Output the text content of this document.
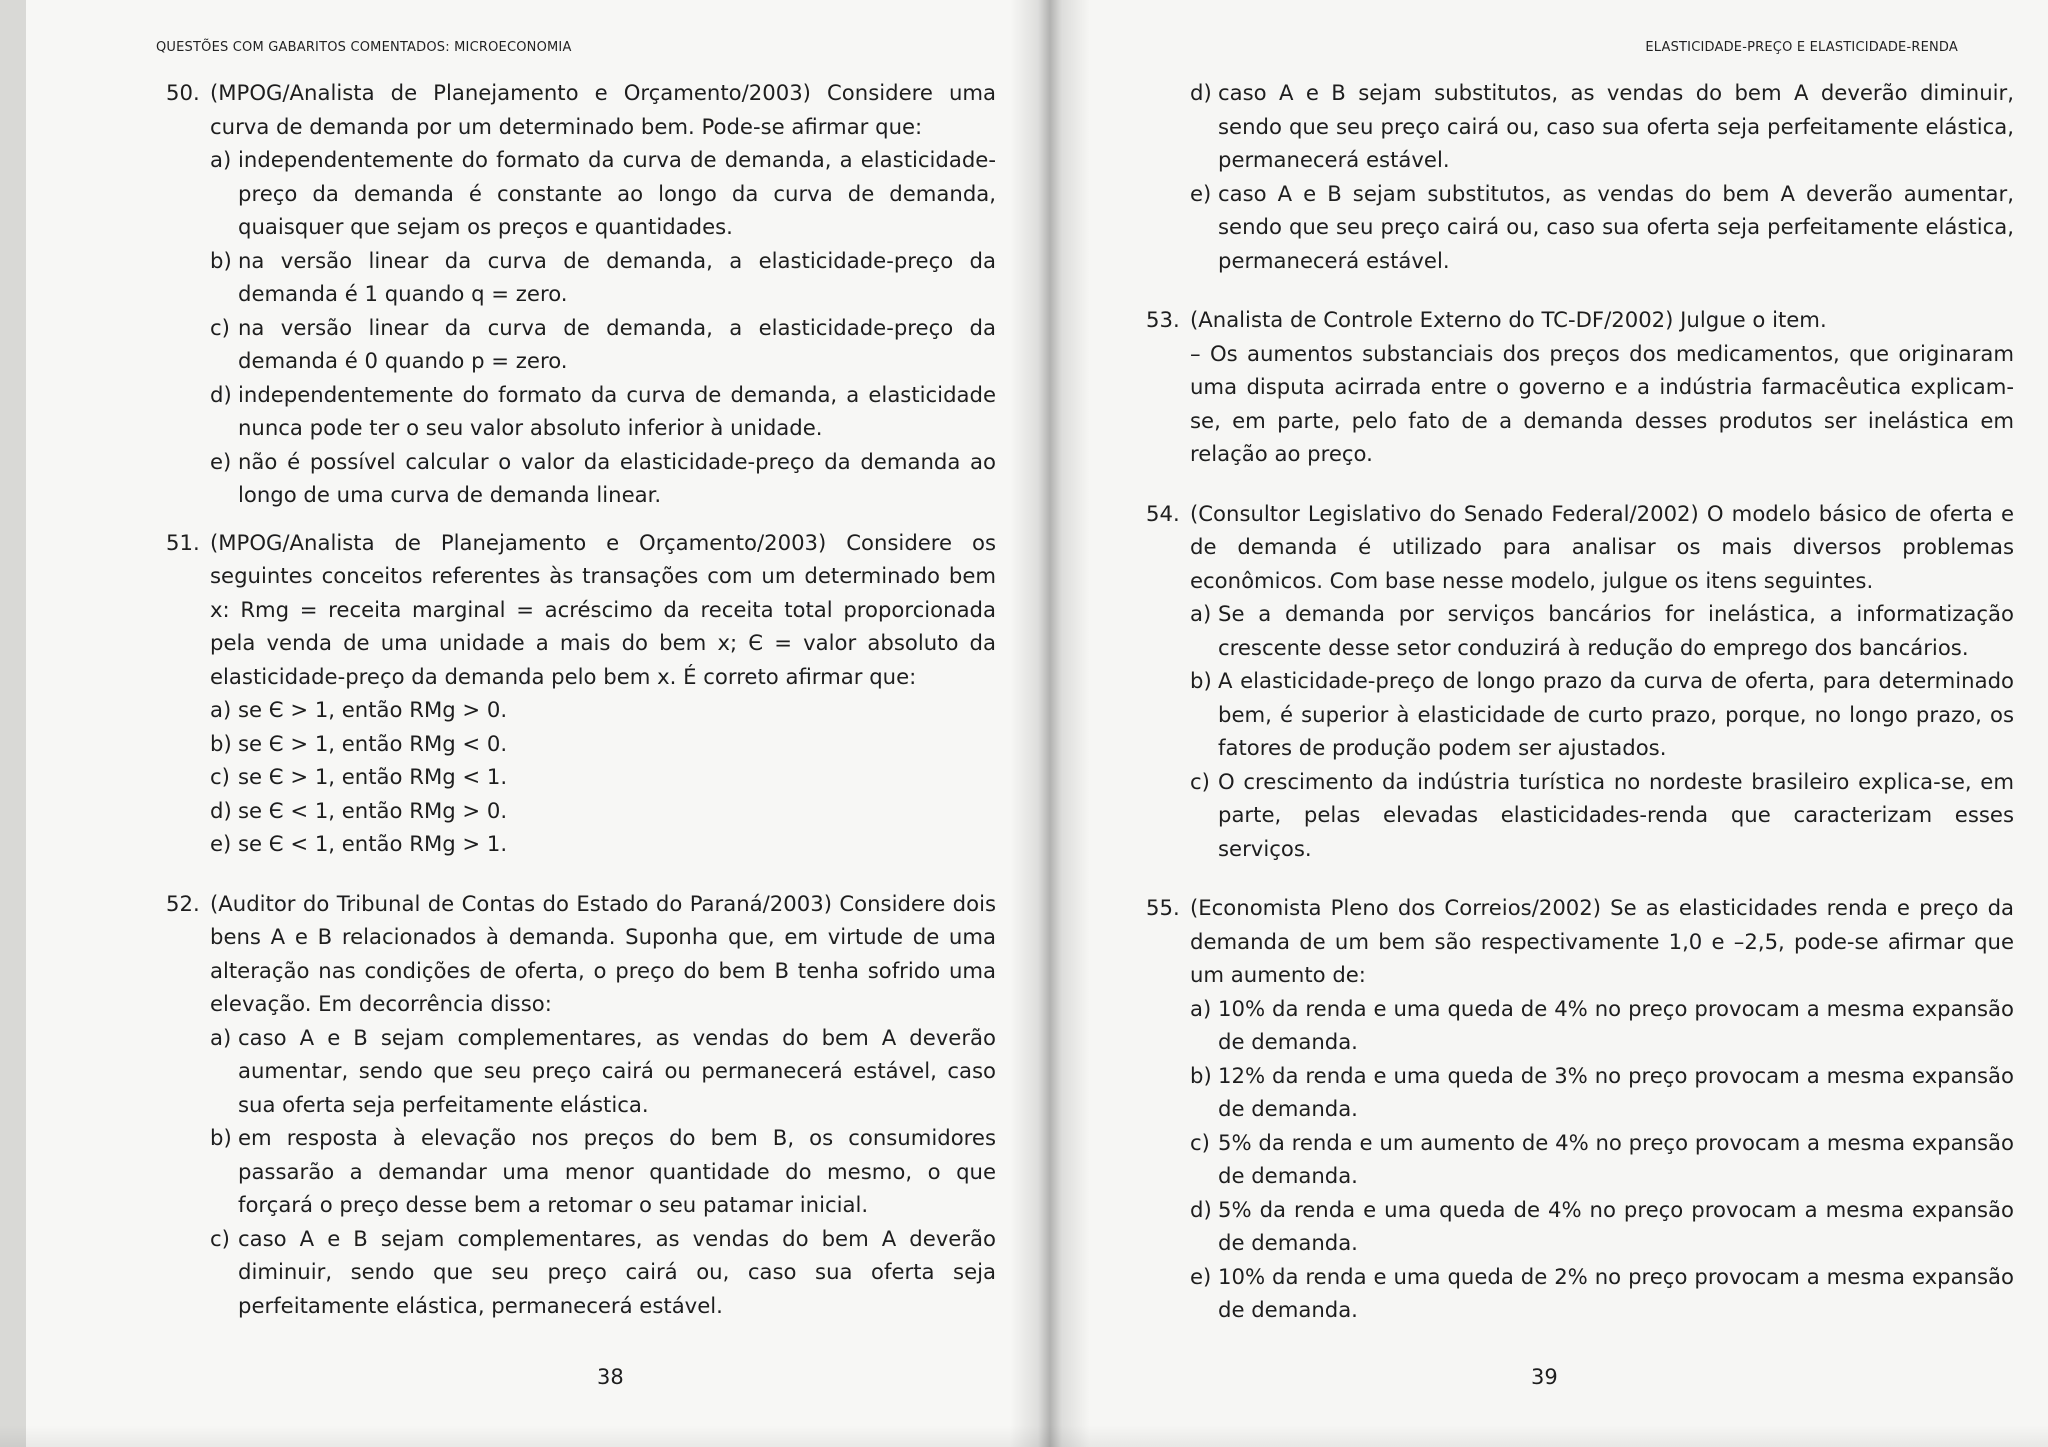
QUESTÕES COM GABARITOS COMENTADOS: MICROECONOMIA
50. (MPOG/Analista de Planejamento e Orçamento/2003) Considere uma curva de demanda por um determinado bem. Pode-se afirmar que:
a) independentemente do formato da curva de demanda, a elasticidade-preço da demanda é constante ao longo da curva de demanda, quaisquer que sejam os preços e quantidades.
b) na versão linear da curva de demanda, a elasticidade-preço da demanda é 1 quando q = zero.
c) na versão linear da curva de demanda, a elasticidade-preço da demanda é 0 quando p = zero.
d) independentemente do formato da curva de demanda, a elasticidade nunca pode ter o seu valor absoluto inferior à unidade.
e) não é possível calcular o valor da elasticidade-preço da demanda ao longo de uma curva de demanda linear.
51. (MPOG/Analista de Planejamento e Orçamento/2003) Considere os seguintes conceitos referentes às transações com um determinado bem x: Rmg = receita marginal = acréscimo da receita total proporcionada pela venda de uma unidade a mais do bem x; Є = valor absoluto da elasticidade-preço da demanda pelo bem x. É correto afirmar que:
a) se Є > 1, então RMg > 0.
b) se Є > 1, então RMg < 0.
c) se Є > 1, então RMg < 1.
d) se Є < 1, então RMg > 0.
e) se Є < 1, então RMg > 1.
52. (Auditor do Tribunal de Contas do Estado do Paraná/2003) Considere dois bens A e B relacionados à demanda. Suponha que, em virtude de uma alteração nas condições de oferta, o preço do bem B tenha sofrido uma elevação. Em decorrência disso:
a) caso A e B sejam complementares, as vendas do bem A deverão aumentar, sendo que seu preço cairá ou permanecerá estável, caso sua oferta seja perfeitamente elástica.
b) em resposta à elevação nos preços do bem B, os consumidores passarão a demandar uma menor quantidade do mesmo, o que forçará o preço desse bem a retomar o seu patamar inicial.
c) caso A e B sejam complementares, as vendas do bem A deverão diminuir, sendo que seu preço cairá ou, caso sua oferta seja perfeitamente elástica, permanecerá estável.
38
ELASTICIDADE-PREÇO E ELASTICIDADE-RENDA
d) caso A e B sejam substitutos, as vendas do bem A deverão diminuir, sendo que seu preço cairá ou, caso sua oferta seja perfeitamente elástica, permanecerá estável.
e) caso A e B sejam substitutos, as vendas do bem A deverão aumentar, sendo que seu preço cairá ou, caso sua oferta seja perfeitamente elástica, permanecerá estável.
53. (Analista de Controle Externo do TC-DF/2002) Julgue o item.
– Os aumentos substanciais dos preços dos medicamentos, que originaram uma disputa acirrada entre o governo e a indústria farmacêutica explicam-se, em parte, pelo fato de a demanda desses produtos ser inelástica em relação ao preço.
54. (Consultor Legislativo do Senado Federal/2002) O modelo básico de oferta e de demanda é utilizado para analisar os mais diversos problemas econômicos. Com base nesse modelo, julgue os itens seguintes.
a) Se a demanda por serviços bancários for inelástica, a informatização crescente desse setor conduzirá à redução do emprego dos bancários.
b) A elasticidade-preço de longo prazo da curva de oferta, para determinado bem, é superior à elasticidade de curto prazo, porque, no longo prazo, os fatores de produção podem ser ajustados.
c) O crescimento da indústria turística no nordeste brasileiro explica-se, em parte, pelas elevadas elasticidades-renda que caracterizam esses serviços.
55. (Economista Pleno dos Correios/2002) Se as elasticidades renda e preço da demanda de um bem são respectivamente 1,0 e –2,5, pode-se afirmar que um aumento de:
a) 10% da renda e uma queda de 4% no preço provocam a mesma expansão de demanda.
b) 12% da renda e uma queda de 3% no preço provocam a mesma expansão de demanda.
c) 5% da renda e um aumento de 4% no preço provocam a mesma expansão de demanda.
d) 5% da renda e uma queda de 4% no preço provocam a mesma expansão de demanda.
e) 10% da renda e uma queda de 2% no preço provocam a mesma expansão de demanda.
39
